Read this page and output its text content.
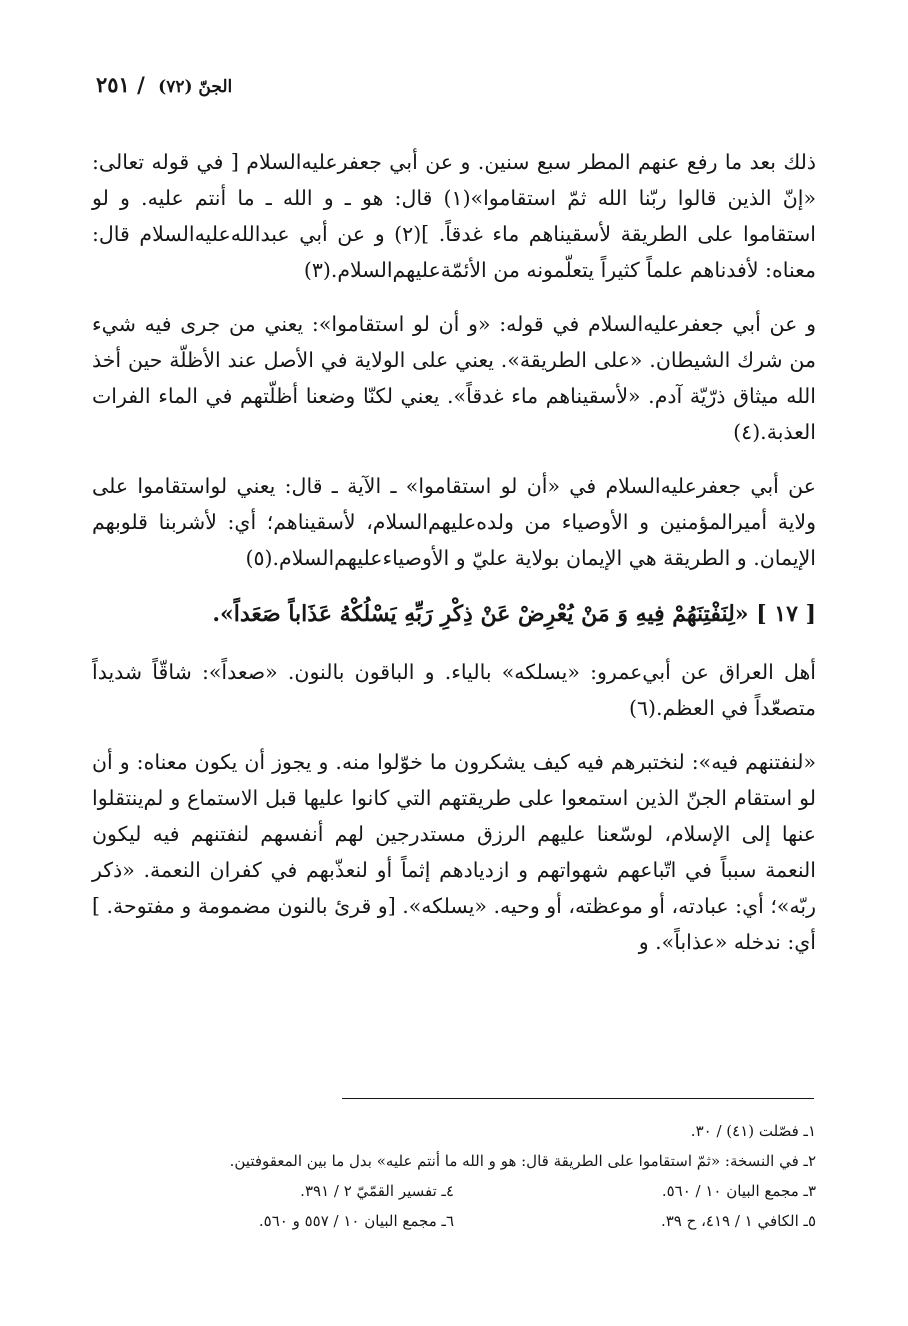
الجنّ (٧٢) / ٢٥١

ذلك بعد ما رفع عنهم المطر سبع سنين. و عن أبي جعفر‌عليه‌السلام [ في قوله تعالى: «إنّ الذين قالوا ربّنا الله ثمّ استقاموا»(١) قال: هو ـ و الله ـ ما أنتم عليه. و لو استقاموا على الطريقة لأسقيناهم ماء غدقاً. ](٢) و عن أبي عبدالله‌عليه‌السلام قال: معناه: لأفدناهم علماً كثيراً يتعلّمونه من الأئمّة‌عليهم‌السلام.(٣)

و عن أبي جعفر‌عليه‌السلام في قوله: «و أن لو استقاموا»: يعني من جرى فيه شيء من شرك الشيطان. «على الطريقة». يعني على الولاية في الأصل عند الأظلّة حين أخذ الله ميثاق ذرّيّة آدم. «لأسقيناهم ماء غدقاً». يعني لكنّا وضعنا أظلّتهم في الماء الفرات العذبة.(٤)

عن أبي جعفر‌عليه‌السلام في «أن لو استقاموا» ـ الآية ـ قال: يعني لواستقاموا على ولاية أميرالمؤمنين و الأوصياء من ولده‌عليهم‌السلام، لأسقيناهم؛ أي: لأشربنا قلوبهم الإيمان. و الطريقة هي الإيمان بولاية عليّ و الأوصياء‌عليهم‌السلام.(٥)

[ ١٧ ] «لِنَفْتِنَهُمْ فِيهِ وَ مَنْ يُعْرِضْ عَنْ ذِكْرِ رَبِّهِ يَسْلُكْهُ عَذَاباً صَعَداً».

أهل العراق عن أبي‌عمرو: «يسلكه» بالياء. و الباقون بالنون. «صعداً»: شاقّاً شديداً متصعّداً في العظم.(٦)

«لنفتنهم فيه»: لنختبرهم فيه كيف يشكرون ما خوّلوا منه. و يجوز أن يكون معناه: و أن لو استقام الجنّ الذين استمعوا على طريقتهم التي كانوا عليها قبل الاستماع و لم‌ينتقلوا عنها إلى الإسلام، لوسّعنا عليهم الرزق مستدرجين لهم أنفسهم لنفتنهم فيه ليكون النعمة سبباً في اتّباعهم شهواتهم و ازديادهم إثماً أو لنعذّبهم في كفران النعمة. «ذكر ربّه»؛ أي: عبادته، أو موعظته، أو وحيه. «يسلكه». [و قرئ بالنون مضمومة و مفتوحة. ] أي: ندخله «عذاباً». و

١ـ فصّلت (٤١) / ٣٠.
٢ـ في النسخة: «ثمّ استقاموا على الطريقة قال: هو و الله ما أنتم عليه» بدل ما بين المعقوفتين.
٣ـ مجمع البيان ١٠ / ٥٦٠.
٤ـ تفسير القمّيّ ٢ / ٣٩١.
٥ـ الكافي ١ / ٤١٩، ح ٣٩.
٦ـ مجمع البيان ١٠ / ٥٥٧ و ٥٦٠.
